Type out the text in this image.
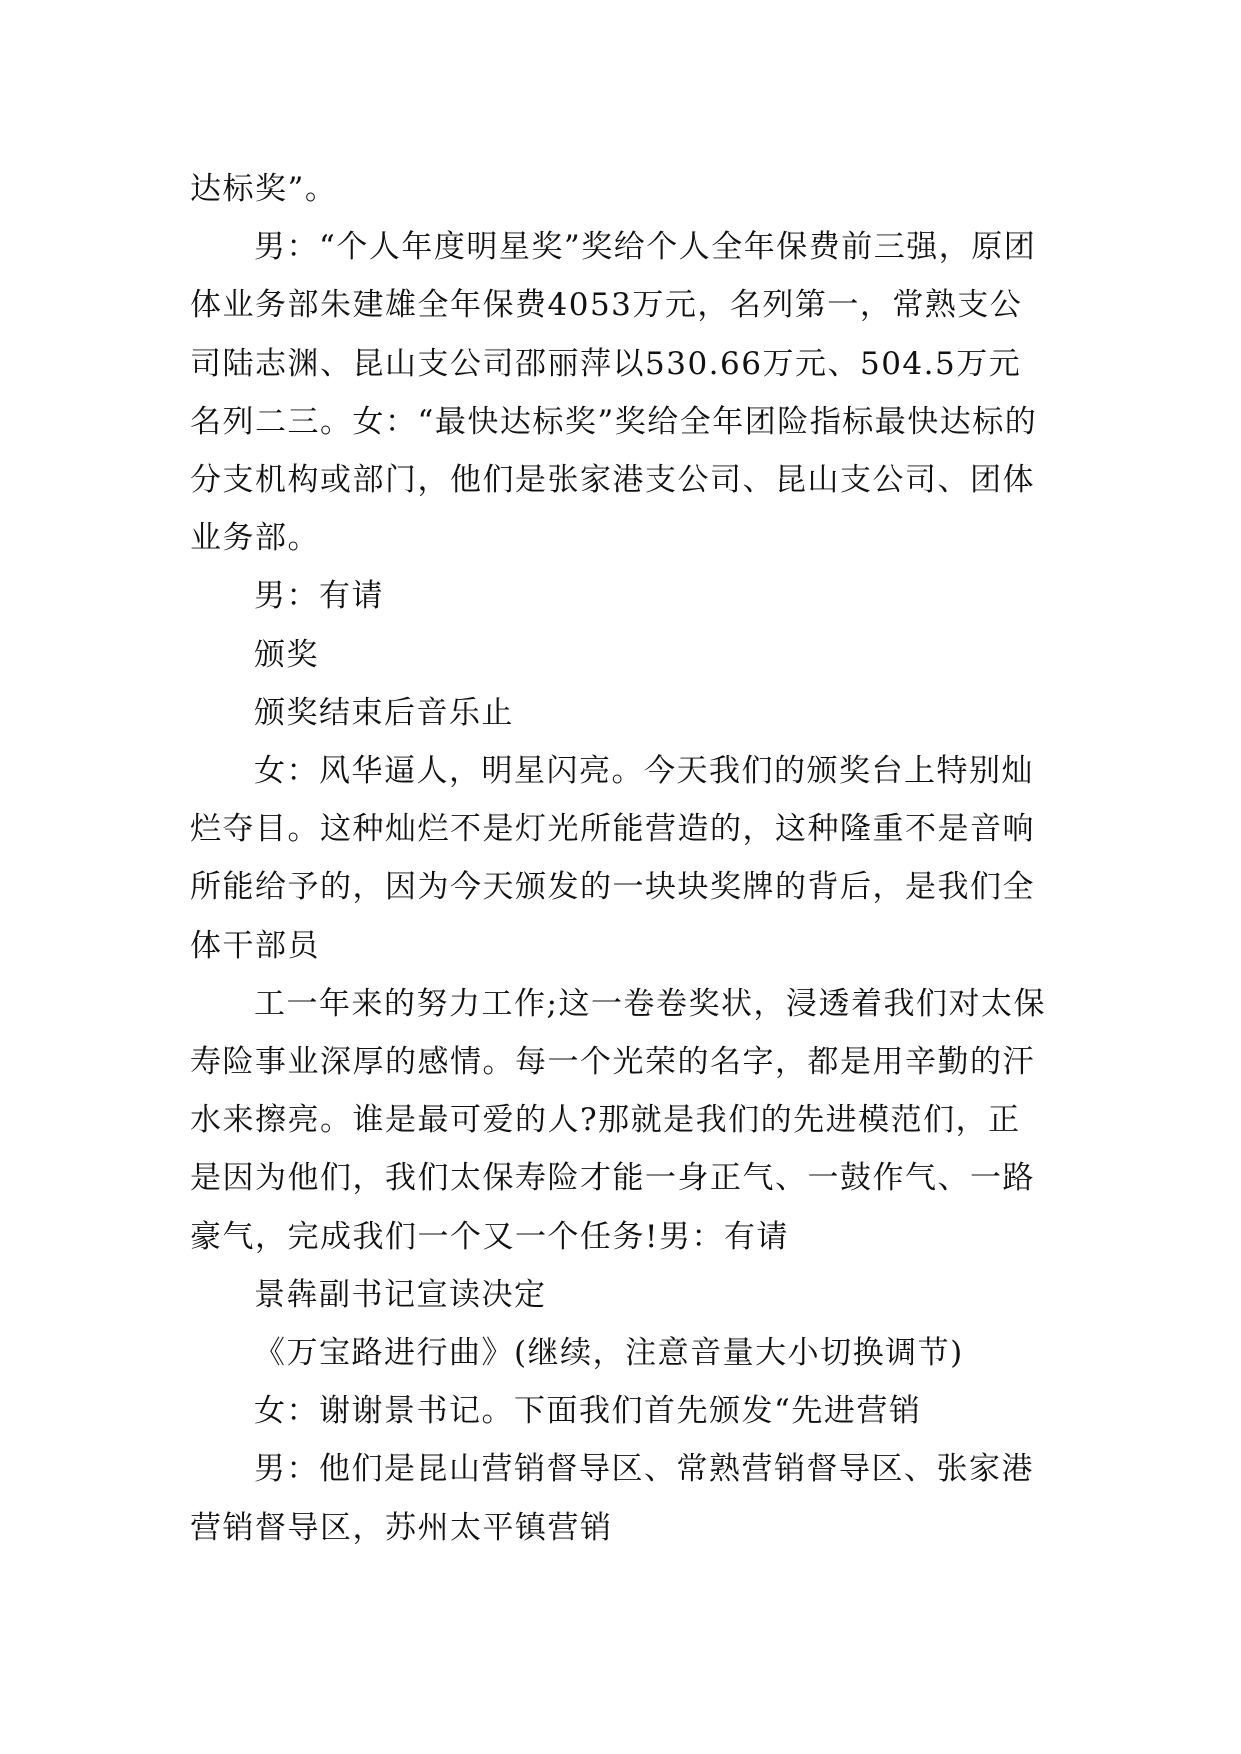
达标奖”。

男：“个人年度明星奖”奖给个人全年保费前三强，原团体业务部朱建雄全年保费4053万元，名列第一，常熟支公司陆志渊、昆山支公司邵丽萍以530.66万元、504.5万元名列二三。女：“最快达标奖”奖给全年团险指标最快达标的分支机构或部门，他们是张家港支公司、昆山支公司、团体业务部。

男：有请

颁奖

颁奖结束后音乐止

女：风华逼人，明星闪亮。今天我们的颁奖台上特别灿烂夺目。这种灿烂不是灯光所能营造的，这种隆重不是音响所能给予的，因为今天颁发的一块块奖牌的背后，是我们全体干部员

工一年来的努力工作;这一卷卷奖状，浸透着我们对太保寿险事业深厚的感情。每一个光荣的名字，都是用辛勤的汗水来擦亮。谁是最可爱的人?那就是我们的先进模范们，正是因为他们，我们太保寿险才能一身正气、一鼓作气、一路豪气，完成我们一个又一个任务!男：有请

景犇副书记宣读决定

《万宝路进行曲》(继续，注意音量大小切换调节)

女：谢谢景书记。下面我们首先颁发“先进营销

男：他们是昆山营销督导区、常熟营销督导区、张家港营销督导区，苏州太平镇营销
